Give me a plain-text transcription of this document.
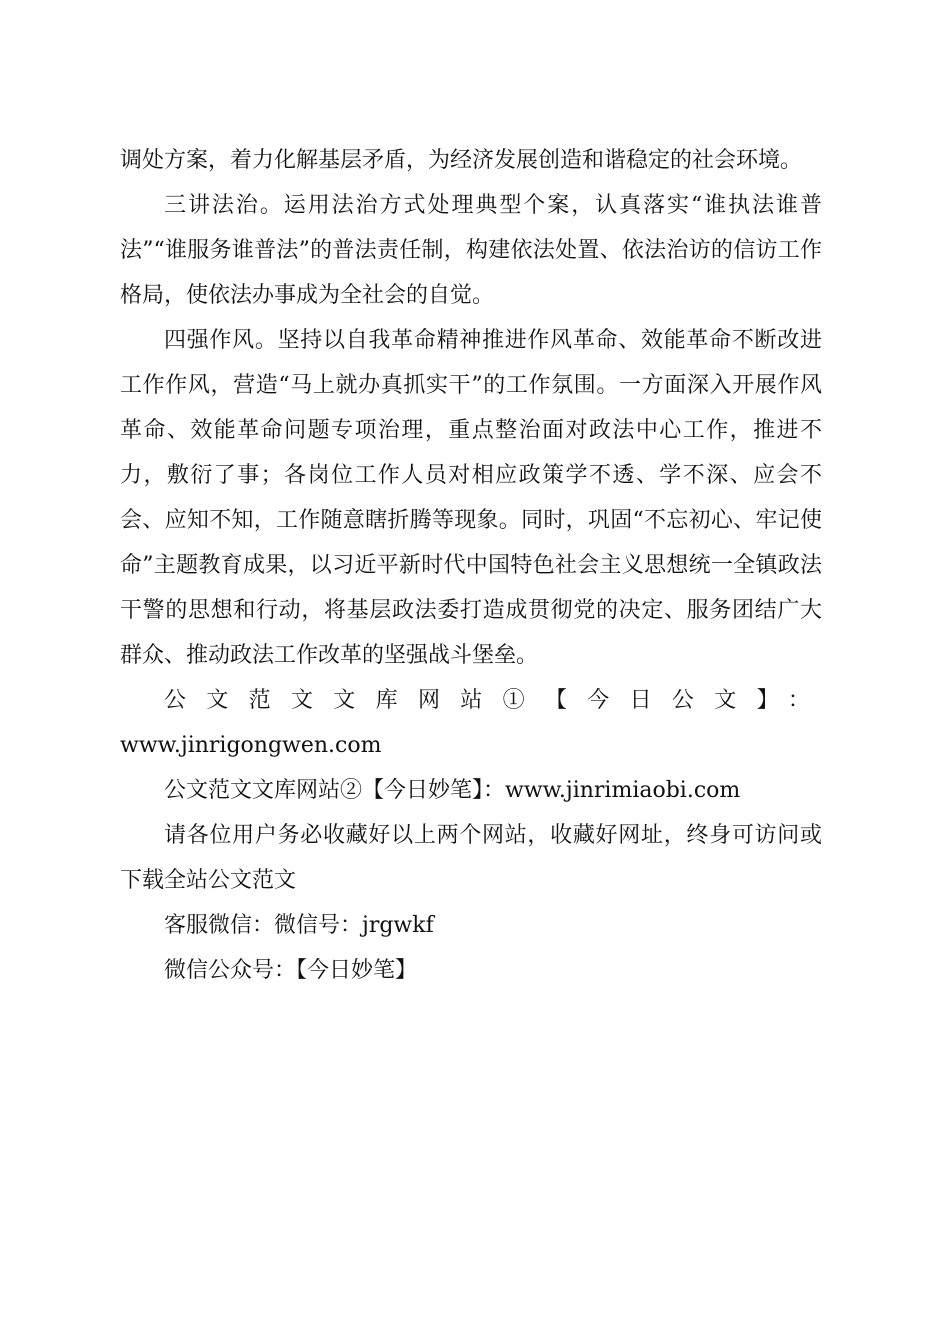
调处方案，着力化解基层矛盾，为经济发展创造和谐稳定的社会环境。

三讲法治。运用法治方式处理典型个案，认真落实“谁执法谁普法”“谁服务谁普法”的普法责任制，构建依法处置、依法治访的信访工作格局，使依法办事成为全社会的自觉。

四强作风。坚持以自我革命精神推进作风革命、效能革命不断改进工作作风，营造“马上就办真抓实干”的工作氛围。一方面深入开展作风革命、效能革命问题专项治理，重点整治面对政法中心工作，推进不力，敷衍了事；各岗位工作人员对相应政策学不透、学不深、应会不会、应知不知，工作随意瞎折腾等现象。同时，巩固“不忘初心、牢记使命”主题教育成果，以习近平新时代中国特色社会主义思想统一全镇政法干警的思想和行动，将基层政法委打造成贯彻党的决定、服务团结广大群众、推动政法工作改革的坚强战斗堡垒。

公文范文文库网站①【今日公文】：
www.jinrigongwen.com

公文范文文库网站②【今日妙笔】：www.jinrimiaobi.com

请各位用户务必收藏好以上两个网站，收藏好网址，终身可访问或下载全站公文范文

客服微信：微信号：jrgwkf

微信公众号：【今日妙笔】
